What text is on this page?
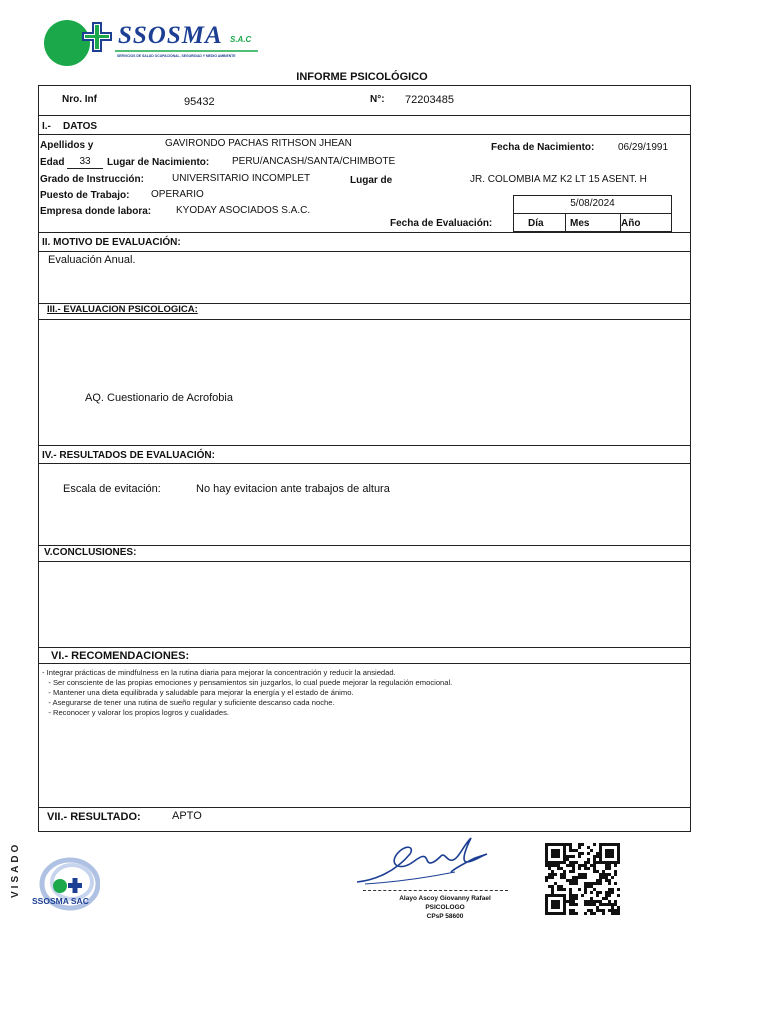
SSOSMA S.A.C
SERVICIOS DE SALUD OCUPACIONAL, SEGURIDAD Y MEDIO AMBIENTE
INFORME PSICOLÓGICO
Nro. Inf	95432	N°: 72203485
I.- DATOS
Apellidos y	GAVIRONDO PACHAS RITHSON JHEAN	Fecha de Nacimiento: 06/29/1991
Edad	33	Lugar de Nacimiento: PERU/ANCASH/SANTA/CHIMBOTE
Grado de Instrucción:	UNIVERSITARIO INCOMPLET	Lugar de	JR. COLOMBIA MZ K2 LT 15 ASENT. H
Puesto de Trabajo: OPERARIO
Empresa donde labora: KYODAY ASOCIADOS S.A.C.
Fecha de Evaluación:
5/08/2024
Día	Mes	Año
II. MOTIVO DE EVALUACIÓN:
Evaluación Anual.
III.- EVALUACION PSICOLOGICA:
AQ. Cuestionario de Acrofobia
IV.- RESULTADOS DE EVALUACIÓN:
Escala de evitación:	No hay evitacion ante trabajos de altura
V.CONCLUSIONES:
VI.- RECOMENDACIONES:
- Integrar prácticas de mindfulness en la rutina diaria para mejorar la concentración y reducir la ansiedad.
- Ser consciente de las propias emociones y pensamientos sin juzgarlos, lo cual puede mejorar la regulación emocional.
- Mantener una dieta equilibrada y saludable para mejorar la energía y el estado de ánimo.
- Asegurarse de tener una rutina de sueño regular y suficiente descanso cada noche.
- Reconocer y valorar los propios logros y cualidades.
VII.- RESULTADO:	APTO
VISADO
SSOSMA SAC	Alayo Ascoy Giovanny Rafael
PSICOLOGO
CPsP 58600
